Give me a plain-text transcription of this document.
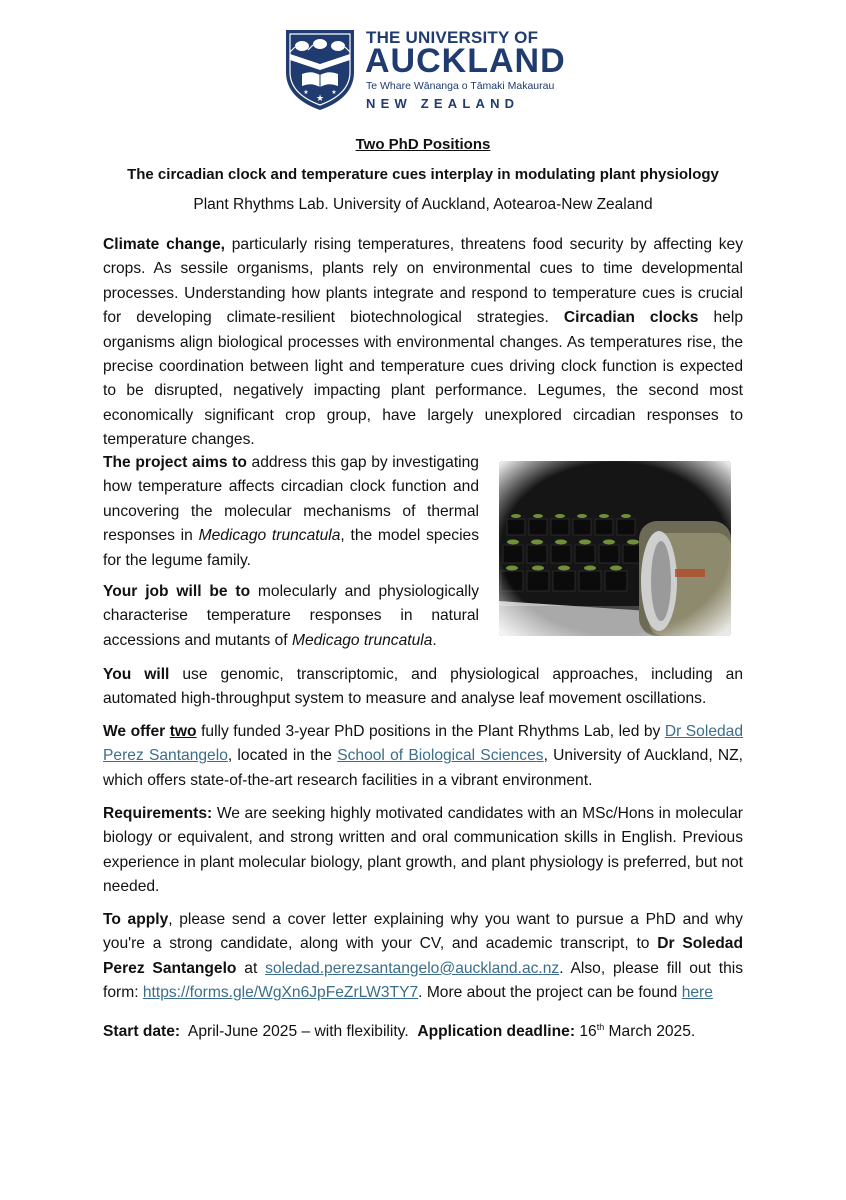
★
★	★
THE UNIVERSITY OF
AUCKLAND
Te Whare Wānanga o Tāmaki Makaurau
NEW ZEALAND
Two PhD Positions
The circadian clock and temperature cues interplay in modulating plant physiology
Plant Rhythms Lab. University of Auckland, Aotearoa-New Zealand

Climate change, particularly rising temperatures, threatens food security by affecting key crops. As sessile organisms, plants rely on environmental cues to time developmental processes. Understanding how plants integrate and respond to temperature cues is crucial for developing climate-resilient biotechnological strategies. Circadian clocks help organisms align biological processes with environmental changes. As temperatures rise, the precise coordination between light and temperature cues driving clock function is expected to be disrupted, negatively impacting plant performance. Legumes, the second most economically significant crop group, have largely unexplored circadian responses to temperature changes.

The project aims to address this gap by investigating how temperature affects circadian clock function and uncovering the molecular mechanisms of thermal responses in Medicago truncatula, the model species for the legume family.

Your job will be to molecularly and physiologically characterise temperature responses in natural accessions and mutants of Medicago truncatula.

You will use genomic, transcriptomic, and physiological approaches, including an automated high-throughput system to measure and analyse leaf movement oscillations.

We offer two fully funded 3-year PhD positions in the Plant Rhythms Lab, led by Dr Soledad Perez Santangelo, located in the School of Biological Sciences, University of Auckland, NZ, which offers state-of-the-art research facilities in a vibrant environment.

Requirements: We are seeking highly motivated candidates with an MSc/Hons in molecular biology or equivalent, and strong written and oral communication skills in English. Previous experience in plant molecular biology, plant growth, and plant physiology is preferred, but not needed.

To apply, please send a cover letter explaining why you want to pursue a PhD and why you're a strong candidate, along with your CV, and academic transcript, to Dr Soledad Perez Santangelo at soledad.perezsantangelo@auckland.ac.nz. Also, please fill out this form: https://forms.gle/WgXn6JpFeZrLW3TY7. More about the project can be found here

Start date:  April-June 2025 – with flexibility.  Application deadline: 16th March 2025.
